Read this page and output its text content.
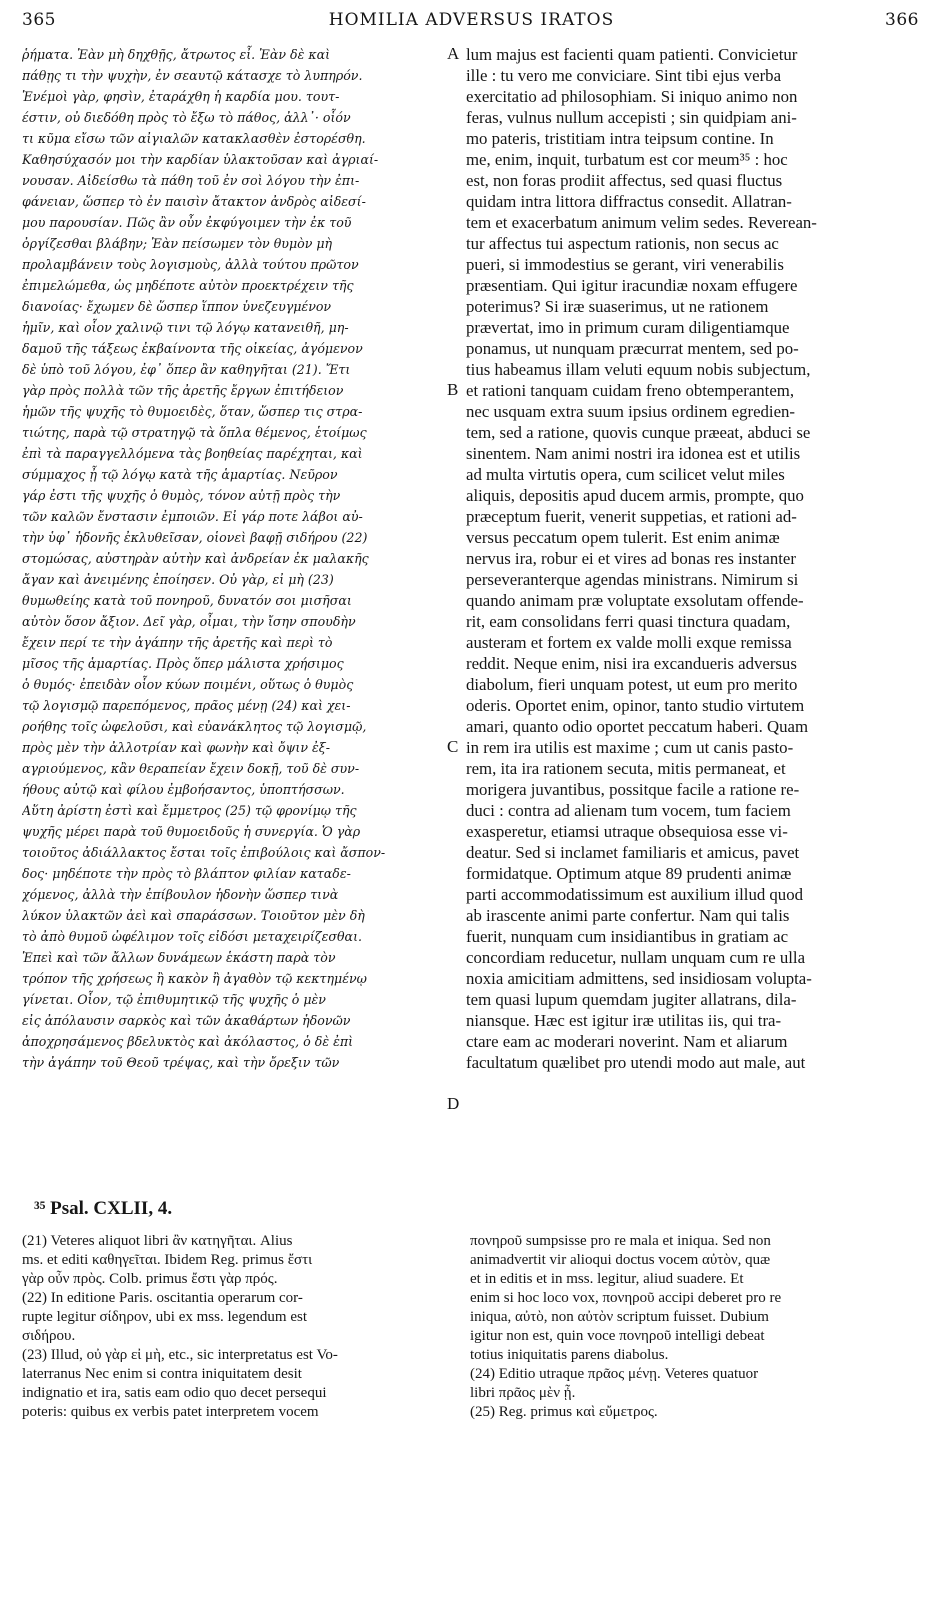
365	HOMILIA ADVERSUS IRATOS	366
ῥήματα. Ἐὰν μὴ δηχθῇς, ἄτρωτος εἶ. Ἐὰν δὲ καὶ
πάθῃς τι τὴν ψυχὴν, ἐν σεαυτῷ κάτασχε τὸ λυπηρόν.
Ἐνέμοὶ γὰρ, φησὶν, ἐταράχθη ἡ καρδία μου. τουτ-
έστιν, οὐ διεδόθη πρὸς τὸ ἔξω τὸ πάθος, ἀλλ᾽· οἷόν
τι κῦμα εἴσω τῶν αἰγιαλῶν κατακλασθὲν ἐστορέσθη.
Καθησύχασόν μοι τὴν καρδίαν ὑλακτοῦσαν καὶ ἀγριαί-
νουσαν. Αἰδείσθω τὰ πάθη τοῦ ἐν σοὶ λόγου τὴν ἐπι-
φάνειαν, ὥσπερ τὸ ἐν παισὶν ἄτακτον ἀνδρὸς αἰδεσί-
μου παρουσίαν. Πῶς ἂν οὖν ἐκφύγοιμεν τὴν ἐκ τοῦ
ὀργίζεσθαι βλάβην; Ἐὰν πείσωμεν τὸν θυμὸν μὴ
προλαμβάνειν τοὺς λογισμοὺς, ἀλλὰ τούτου πρῶτον
ἐπιμελώμεθα, ὡς μηδέποτε αὐτὸν προεκτρέχειν τῆς
διανοίας· ἔχωμεν δὲ ὥσπερ ἵππον ὑνεζευγμένον
ἡμῖν, καὶ οἷον χαλινῷ τινι τῷ λόγῳ κατανειθῆ, μη-
δαμοῦ τῆς τάξεως ἐκβαίνοντα τῆς οἰκείας, ἀγόμενον
δὲ ὑπὸ τοῦ λόγου, ἐφ᾽ ὅπερ ἂν καθηγῆται (21). Ἔτι
γὰρ πρὸς πολλὰ τῶν τῆς ἀρετῆς ἔργων ἐπιτήδειον
ἡμῶν τῆς ψυχῆς τὸ θυμοειδὲς, ὅταν, ὥσπερ τις στρα-
τιώτης, παρὰ τῷ στρατηγῷ τὰ ὅπλα θέμενος, ἑτοίμως
ἐπὶ τὰ παραγγελλόμενα τὰς βοηθείας παρέχηται, καὶ
σύμμαχος ᾖ τῷ λόγῳ κατὰ τῆς ἁμαρτίας. Νεῦρον
γάρ ἐστι τῆς ψυχῆς ὁ θυμὸς, τόνον αὐτῇ πρὸς τὴν
τῶν καλῶν ἔνστασιν ἐμποιῶν. Εἰ γάρ ποτε λάβοι αὐ-
τὴν ὑφ᾽ ἡδονῆς ἐκλυθεῖσαν, οἱονεὶ βαφῇ σιδήρου (22)
στομώσας, αὐστηρὰν αὐτὴν καὶ ἀνδρείαν ἐκ μαλακῆς
ἄγαν καὶ ἀνειμένης ἐποίησεν. Οὐ γὰρ, εἰ μὴ (23)
θυμωθείης κατὰ τοῦ πονηροῦ, δυνατόν σοι μισῆσαι
αὐτὸν ὅσον ἄξιον. Δεῖ γὰρ, οἶμαι, τὴν ἴσην σπουδὴν
ἔχειν περί τε τὴν ἀγάπην τῆς ἀρετῆς καὶ περὶ τὸ
μῖσος τῆς ἁμαρτίας. Πρὸς ὅπερ μάλιστα χρήσιμος
ὁ θυμός· ἐπειδὰν οἷον κύων ποιμένι, οὕτως ὁ θυμὸς
τῷ λογισμῷ παρεπόμενος, πρᾶος μένῃ (24) καὶ χει-
ροήθης τοῖς ὠφελοῦσι, καὶ εὐανάκλητος τῷ λογισμῷ,
πρὸς μὲν τὴν ἀλλοτρίαν καὶ φωνὴν καὶ ὄψιν ἐξ-
αγριούμενος, κἂν θεραπείαν ἔχειν δοκῇ, τοῦ δὲ συν-
ήθους αὐτῷ καὶ φίλου ἐμβοήσαντος, ὑποπτήσσων.
Αὕτη ἀρίστη ἐστὶ καὶ ἔμμετρος (25) τῷ φρονίμῳ τῆς
ψυχῆς μέρει παρὰ τοῦ θυμοειδοῦς ἡ συνεργία. Ὁ γὰρ
τοιοῦτος ἀδιάλλακτος ἔσται τοῖς ἐπιβούλοις καὶ ἄσπον-
δος· μηδέποτε τὴν πρὸς τὸ βλάπτον φιλίαν καταδε-
χόμενος, ἀλλὰ τὴν ἐπίβουλον ἡδονὴν ὥσπερ τινὰ
λύκον ὑλακτῶν ἀεὶ καὶ σπαράσσων. Τοιοῦτον μὲν δὴ
τὸ ἀπὸ θυμοῦ ὠφέλιμον τοῖς εἰδόσι μεταχειρίζεσθαι.
Ἐπεὶ καὶ τῶν ἄλλων δυνάμεων ἑκάστη παρὰ τὸν
τρόπον τῆς χρήσεως ἢ κακὸν ἢ ἀγαθὸν τῷ κεκτημένῳ
γίνεται. Οἷον, τῷ ἐπιθυμητικῷ τῆς ψυχῆς ὁ μὲν
εἰς ἀπόλαυσιν σαρκὸς καὶ τῶν ἀκαθάρτων ἡδονῶν
ἀποχρησάμενος βδελυκτὸς καὶ ἀκόλαστος, ὁ δὲ ἐπὶ
τὴν ἀγάπην τοῦ Θεοῦ τρέψας, καὶ τὴν ὄρεξιν τῶν
lum majus est facienti quam patienti. Convicietur
ille : tu vero me conviciare. Sint tibi ejus verba
exercitatio ad philosophiam. Si iniquo animo non
feras, vulnus nullum accepisti ; sin quidpiam ani-
mo pateris, tristitiam intra teipsum contine. In
me, enim, inquit, turbatum est cor meum³⁵ : hoc
est, non foras prodiit affectus, sed quasi fluctus
quidam intra littora diffractus consedit. Allatran-
tem et exacerbatum animum velim sedes. Reverean-
tur affectus tui aspectum rationis, non secus ac
pueri, si immodestius se gerant, viri venerabilis
præsentiam. Qui igitur iracundiæ noxam effugere
poterimus? Si iræ suaserimus, ut ne rationem
prævertat, imo in primum curam diligentiamque
ponamus, ut nunquam præcurrat mentem, sed po-
tius habeamus illam veluti equum nobis subjectum,
et rationi tanquam cuidam freno obtemperantem,
nec usquam extra suum ipsius ordinem egredien-
tem, sed a ratione, quovis cunque præeat, abduci se
sinentem. Nam animi nostri ira idonea est et utilis
ad multa virtutis opera, cum scilicet velut miles
aliquis, depositis apud ducem armis, prompte, quo
præceptum fuerit, venerit suppetias, et rationi ad-
versus peccatum opem tulerit. Est enim animæ
nervus ira, robur ei et vires ad bonas res instanter
perseveranterque agendas ministrans. Nimirum si
quando animam præ voluptate exsolutam offende-
rit, eam consolidans ferri quasi tinctura quadam,
austeram et fortem ex valde molli exque remissa
reddit. Neque enim, nisi ira excandueris adversus
diabolum, fieri unquam potest, ut eum pro merito
oderis. Oportet enim, opinor, tanto studio virtutem
amari, quanto odio oportet peccatum haberi. Quam
in rem ira utilis est maxime ; cum ut canis pasto-
rem, ita ira rationem secuta, mitis permaneat, et
morigera juvantibus, possitque facile a ratione re-
duci : contra ad alienam tum vocem, tum faciem
exasperetur, etiamsi utraque obsequiosa esse vi-
deatur. Sed si inclamet familiaris et amicus, pavet
formidatque. Optimum atque 89 prudenti animæ
parti accommodatissimum est auxilium illud quod
ab irascente animi parte confertur. Nam qui talis
fuerit, nunquam cum insidiantibus in gratiam ac
concordiam reducetur, nullam unquam cum re ulla
noxia amicitiam admittens, sed insidiosam volupta-
tem quasi lupum quemdam jugiter allatrans, dila-
niansque. Hæc est igitur iræ utilitas iis, qui tra-
ctare eam ac moderari noverint. Nam et aliarum
facultatum quælibet pro utendi modo aut male, aut
A
B
C
D
³⁵ Psal. CXLII, 4.
(21) Veteres aliquot libri ἂν κατηγῆται. Alius
ms. et editi καθηγεῖται. Ibidem Reg. primus ἔστι
γὰρ οὖν πρὸς. Colb. primus ἔστι γὰρ πρός.
(22) In editione Paris. oscitantia operarum cor-
rupte legitur σίδηρον, ubi ex mss. legendum est
σιδήρου.
(23) Illud, οὐ γὰρ εἰ μὴ, etc., sic interpretatus est Vo-
laterranus Nec enim si contra iniquitatem desit
indignatio et ira, satis eam odio quo decet persequi
poteris: quibus ex verbis patet interpretem vocem
πονηροῦ sumpsisse pro re mala et iniqua. Sed non
animadvertit vir alioqui doctus vocem αὐτὸν, quæ
et in editis et in mss. legitur, aliud suadere. Et
enim si hoc loco vox, πονηροῦ accipi deberet pro re
iniqua, αὐτὸ, non αὐτὸν scriptum fuisset. Dubium
igitur non est, quin voce πονηροῦ intelligi debeat
totius iniquitatis parens diabolus.
(24) Editio utraque πρᾶος μένῃ. Veteres quatuor
libri πρᾶος μὲν ᾖ.
(25) Reg. primus καὶ εὔμετρος.
